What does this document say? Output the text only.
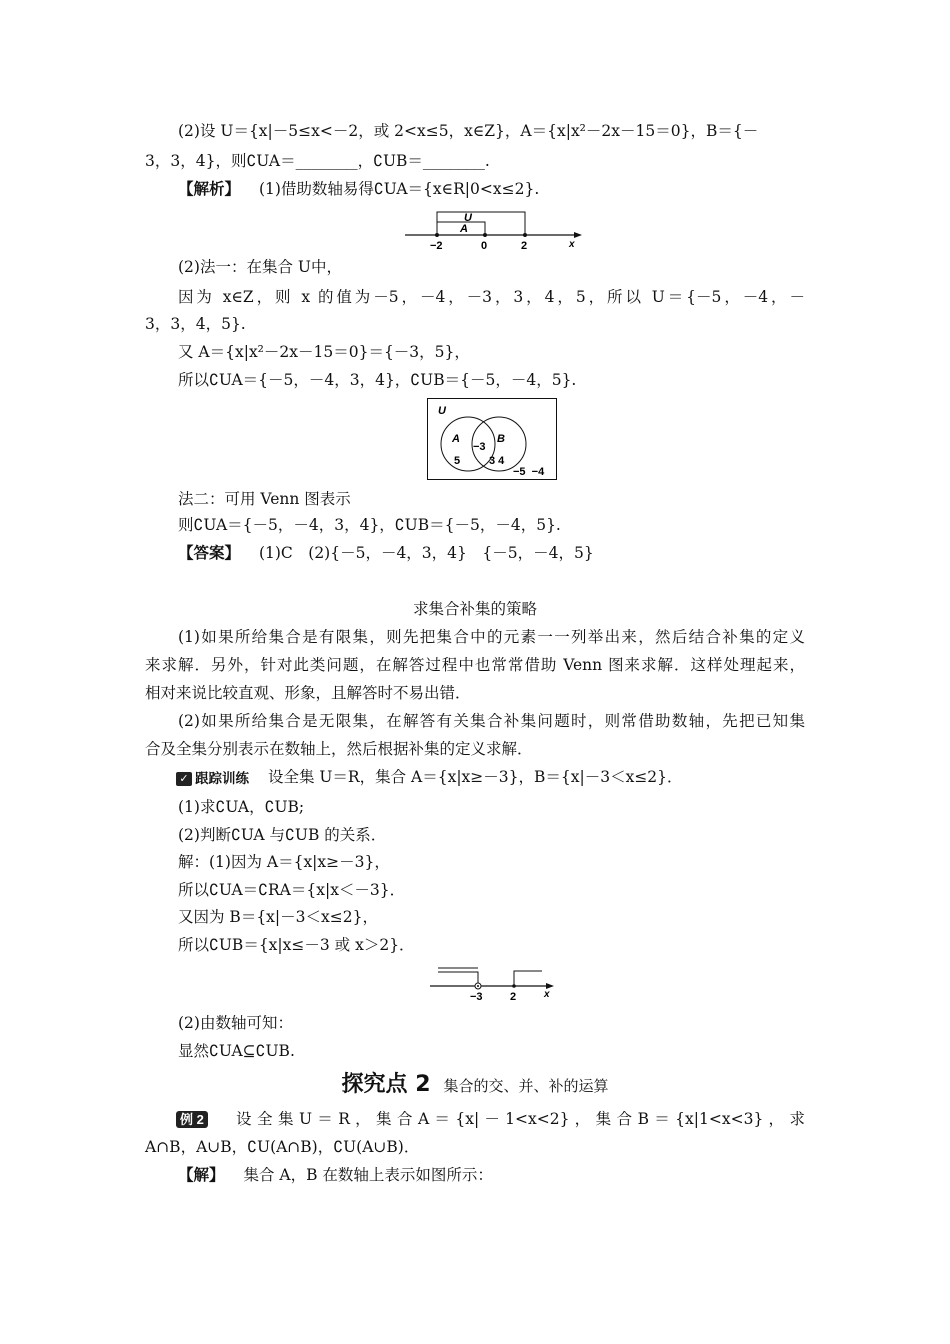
(2)设 U＝{x|－5≤x<－2，或 2<x≤5，x∈Z}，A＝{x|x²－2x－15＝0}，B＝{－
3，3，4}，则∁UA＝________，∁UB＝________.
【解析】 (1)借助数轴易得∁UA＝{x∈R|0<x≤2}.
U
A
−2	0	2	x
(2)法一：在集合 U中，
因为 x∈Z，则 x 的值为－5，－4，－3，3，4，5，所以 U＝{－5，－4，－
3，3，4，5}.
又 A＝{x|x²－2x－15＝0}＝{－3，5}，
所以∁UA＝{－5，－4，3，4}，∁UB＝{－5，－4，5}.
U
A	B
−3
5	3 4
−5  −4
法二：可用 Venn 图表示
则∁UA＝{－5，－4，3，4}，∁UB＝{－5，－4，5}.
【答案】 (1)C　(2){－5，－4，3，4}　{－5，－4，5}
求集合补集的策略
(1)如果所给集合是有限集，则先把集合中的元素一一列举出来，然后结合补集的定义
来求解．另外，针对此类问题，在解答过程中也常常借助 Venn 图来求解．这样处理起来，
相对来说比较直观、形象，且解答时不易出错．
(2)如果所给集合是无限集，在解答有关集合补集问题时，则常借助数轴，先把已知集
合及全集分别表示在数轴上，然后根据补集的定义求解．
✓ 跟踪训练 设全集 U＝R，集合 A＝{x|x≥－3}，B＝{x|－3＜x≤2}．
(1)求∁UA，∁UB;
(2)判断∁UA 与∁UB 的关系．
解：(1)因为 A＝{x|x≥－3}，
所以∁UA＝∁RA＝{x|x＜－3}．
又因为 B＝{x|－3＜x≤2}，
所以∁UB＝{x|x≤－3 或 x＞2}．
−3 2	x
(2)由数轴可知：
显然∁UA⊆∁UB.
探究点 2 集合的交、并、补的运算
例 2 设 全 集 U ＝ R ， 集 合 A ＝ {x| － 1<x<2} ， 集 合 B ＝ {x|1<x<3} ， 求
A∩B，A∪B，∁U(A∩B)，∁U(A∪B)．
【解】 集合 A，B 在数轴上表示如图所示：
